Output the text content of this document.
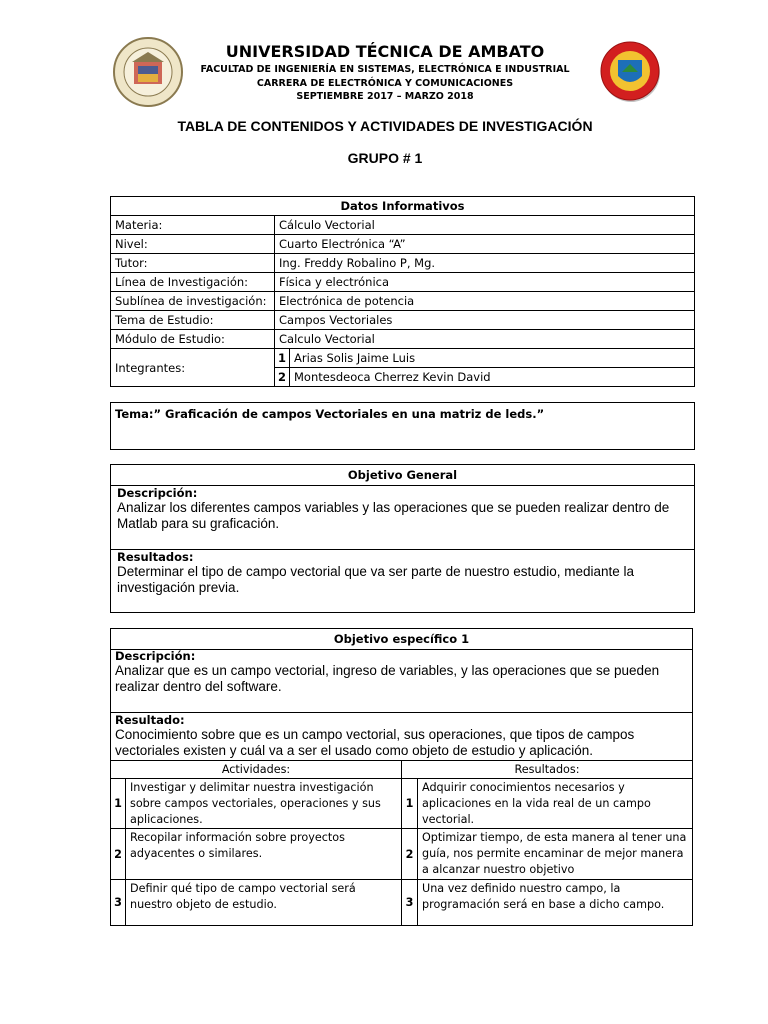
UNIVERSIDAD TÉCNICA DE AMBATO
FACULTAD DE INGENIERÍA EN SISTEMAS, ELECTRÓNICA E INDUSTRIAL
CARRERA DE ELECTRÓNICA Y COMUNICACIONES
SEPTIEMBRE 2017 – MARZO 2018
TABLA DE CONTENIDOS Y ACTIVIDADES DE INVESTIGACIÓN
GRUPO # 1
Datos Informativos		
Materia:	Cálculo Vectorial	
Nivel:	Cuarto Electrónica “A”	
Tutor:	Ing. Freddy Robalino P, Mg.	
Línea de Investigación:	Física y electrónica	
Sublínea de investigación:	Electrónica de potencia	
Tema de Estudio:	Campos Vectoriales	
Módulo de Estudio:	Calculo Vectorial	
Integrantes:	1	Arias Solis Jaime Luis
	2	Montesdeoca Cherrez Kevin David
Tema:” Graficación de campos Vectoriales en una matriz de leds.”
Objetivo General
Descripción:
Analizar los diferentes campos variables y las operaciones que se pueden realizar dentro de Matlab para su graficación.
Resultados:
Determinar el tipo de campo vectorial que va ser parte de nuestro estudio, mediante la investigación previa.
Objetivo específico 1
Descripción:
Analizar que es un campo vectorial, ingreso de variables, y las operaciones que se pueden realizar dentro del software.
Resultado:
Conocimiento sobre que es un campo vectorial, sus operaciones, que tipos de campos vectoriales existen y cuál va a ser el usado como objeto de estudio y aplicación.
Actividades:		Resultados:	
1	Investigar y delimitar nuestra investigación sobre campos vectoriales, operaciones y sus aplicaciones.	1	Adquirir conocimientos necesarios y aplicaciones en la vida real de un campo vectorial.
2	Recopilar información sobre proyectos adyacentes o similares.	2	Optimizar tiempo, de esta manera al tener una guía, nos permite encaminar de mejor manera a alcanzar nuestro objetivo
3	Definir qué tipo de campo vectorial será nuestro objeto de estudio.	3	Una vez definido nuestro campo, la programación será en base a dicho campo.
